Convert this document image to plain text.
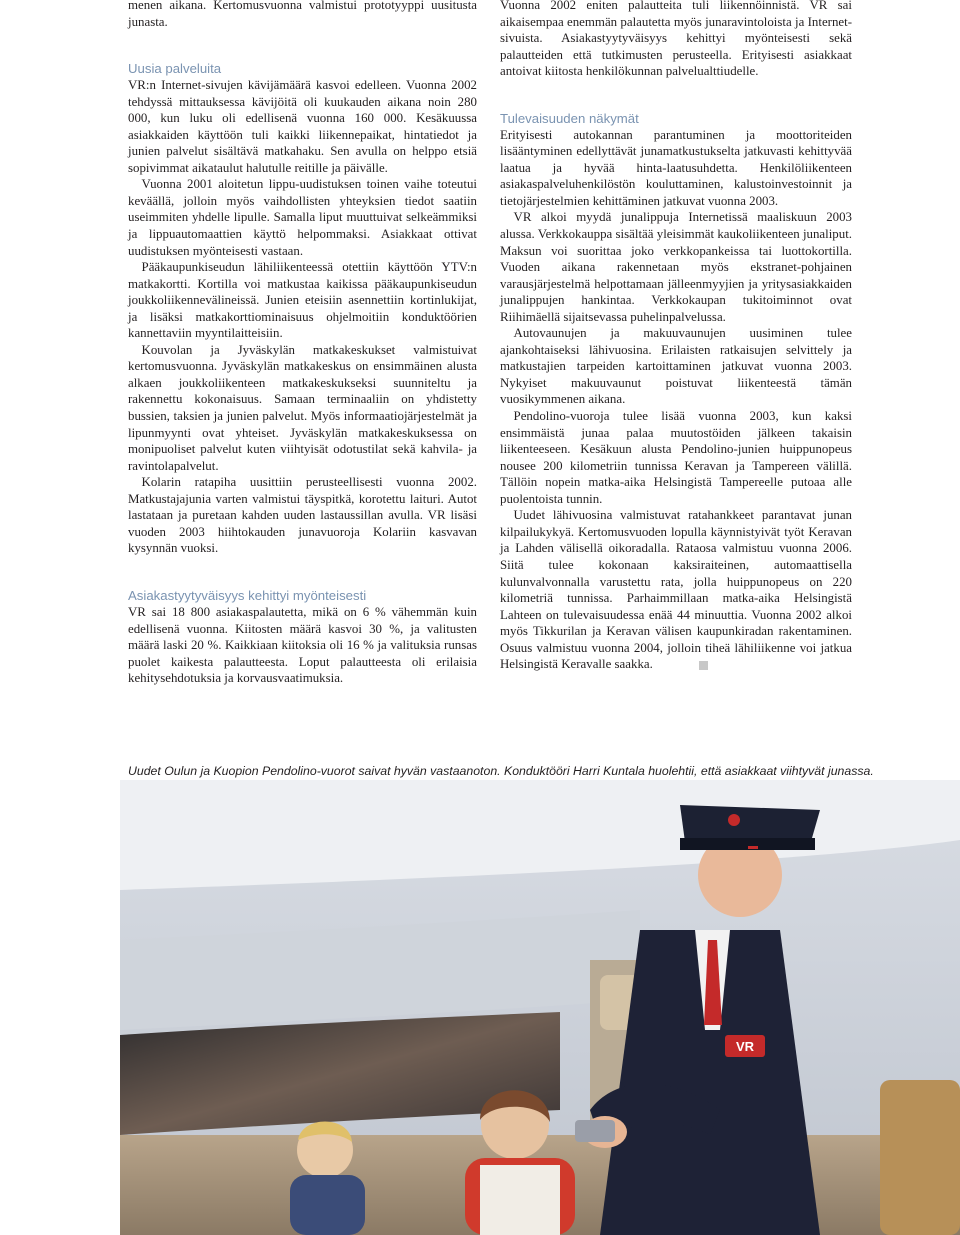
menen aikana. Kertomusvuonna valmistui prototyyppi uusitusta junasta.

Uusia palveluita

VR:n Internet-sivujen kävijämäärä kasvoi edelleen. Vuonna 2002 tehdyssä mittauksessa kävijöitä oli kuukauden aikana noin 280 000, kun luku oli edellisenä vuonna 160 000. Kesäkuussa asiakkaiden käyttöön tuli kaikki liikennepaikat, hintatiedot ja junien palvelut sisältävä matkahaku. Sen avulla on helppo etsiä sopivimmat aikataulut halutulle reitille ja päivälle.

Vuonna 2001 aloitetun lippu-uudistuksen toinen vaihe toteutui keväällä, jolloin myös vaihdollisten yhteyksien tiedot saatiin useimmiten yhdelle lipulle. Samalla liput muuttuivat selkeämmiksi ja lippuautomaattien käyttö helpommaksi. Asiakkaat ottivat uudistuksen myönteisesti vastaan.

Pääkaupunkiseudun lähiliikenteessä otettiin käyttöön YTV:n matkakortti. Kortilla voi matkustaa kaikissa pääkaupunkiseudun joukkoliikennevälineissä. Junien eteisiin asennettiin kortinlukijat, ja lisäksi matkakorttiominaisuus ohjelmoitiin konduktöörien kannettaviin myyntilaitteisiin.

Kouvolan ja Jyväskylän matkakeskukset valmistuivat kertomusvuonna. Jyväskylän matkakeskus on ensimmäinen alusta alkaen joukkoliikenteen matkakeskukseksi suunniteltu ja rakennettu kokonaisuus. Samaan terminaaliin on yhdistetty bussien, taksien ja junien palvelut. Myös informaatiojärjestelmät ja lipunmyynti ovat yhteiset. Jyväskylän matkakeskuksessa on monipuoliset palvelut kuten viihtyisät odotustilat sekä kahvila- ja ravintolapalvelut.

Kolarin ratapiha uusittiin perusteellisesti vuonna 2002. Matkustajajunia varten valmistui täyspitkä, korotettu laituri. Autot lastataan ja puretaan kahden uuden lastaussillan avulla. VR lisäsi vuoden 2003 hiihtokauden junavuoroja Kolariin kasvavan kysynnän vuoksi.

Asiakastyytyväisyys kehittyi myönteisesti

VR sai 18 800 asiakaspalautetta, mikä on 6 % vähemmän kuin edellisenä vuonna. Kiitosten määrä kasvoi 30 %, ja valitusten määrä laski 20 %. Kaikkiaan kiitoksia oli 16 % ja valituksia runsas puolet kaikesta palautteesta. Loput palautteesta oli erilaisia kehitysehdotuksia ja korvausvaatimuksia.

Vuonna 2002 eniten palautteita tuli liikennöinnistä. VR sai aikaisempaa enemmän palautetta myös junaravintoloista ja Internet-sivuista. Asiakastyytyväisyys kehittyi myönteisesti sekä palautteiden että tutkimusten perusteella. Erityisesti asiakkaat antoivat kiitosta henkilökunnan palvelualttiudelle.

Tulevaisuuden näkymät

Erityisesti autokannan parantuminen ja moottoriteiden lisääntyminen edellyttävät junamatkustukselta jatkuvasti kehittyvää laatua ja hyvää hinta-laatusuhdetta. Henkilöliikenteen asiakaspalveluhenkilöstön kouluttaminen, kalustoinvestoinnit ja tietojärjestelmien kehittäminen jatkuvat vuonna 2003.

VR alkoi myydä junalippuja Internetissä maaliskuun 2003 alussa. Verkkokauppa sisältää yleisimmät kaukoliikenteen junaliput. Maksun voi suorittaa joko verkkopankeissa tai luottokortilla. Vuoden aikana rakennetaan myös ekstranet-pohjainen varausjärjestelmä helpottamaan jälleenmyyjien ja yritysasiakkaiden junalippujen hankintaa. Verkkokaupan tukitoiminnot ovat Riihimäellä sijaitsevassa puhelinpalvelussa.

Autovaunujen ja makuuvaunujen uusiminen tulee ajankohtaiseksi lähivuosina. Erilaisten ratkaisujen selvittely ja matkustajien tarpeiden kartoittaminen jatkuvat vuonna 2003. Nykyiset makuuvaunut poistuvat liikenteestä tämän vuosikymmenen aikana.

Pendolino-vuoroja tulee lisää vuonna 2003, kun kaksi ensimmäistä junaa palaa muutostöiden jälkeen takaisin liikenteeseen. Kesäkuun alusta Pendolino-junien huippunopeus nousee 200 kilometriin tunnissa Keravan ja Tampereen välillä. Tällöin nopein matka-aika Helsingistä Tampereelle putoaa alle puolentoista tunnin.

Uudet lähivuosina valmistuvat ratahankkeet parantavat junan kilpailukykyä. Kertomusvuoden lopulla käynnistyivät työt Keravan ja Lahden välisellä oikoradalla. Rataosa valmistuu vuonna 2006. Siitä tulee kokonaan kaksiraiteinen, automaattisella kulunvalvonnalla varustettu rata, jolla huippunopeus on 220 kilometriä tunnissa. Parhaimmillaan matka-aika Helsingistä Lahteen on tulevaisuudessa enää 44 minuuttia. Vuonna 2002 alkoi myös Tikkurilan ja Keravan välisen kaupunkiradan rakentaminen. Osuus valmistuu vuonna 2004, jolloin tiheä lähiliikenne voi jatkua Helsingistä Keravalle saakka.

Uudet Oulun ja Kuopion Pendolino-vuorot saivat hyvän vastaanoton. Konduktööri Harri Kuntala huolehtii, että asiakkaat viihtyvät junassa.
VR
